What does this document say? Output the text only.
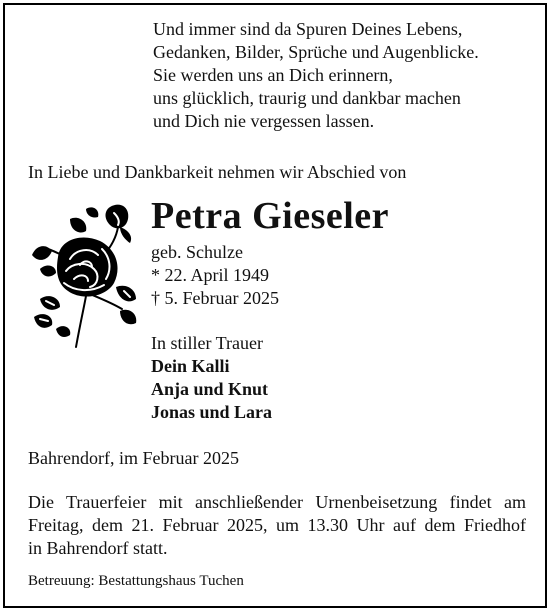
Und immer sind da Spuren Deines Lebens,
Gedanken, Bilder, Sprüche und Augenblicke.
Sie werden uns an Dich erinnern,
uns glücklich, traurig und dankbar machen
und Dich nie vergessen lassen.
In Liebe und Dankbarkeit nehmen wir Abschied von
Petra Gieseler
geb. Schulze
* 22. April 1949
† 5. Februar 2025
In stiller Trauer
Dein Kalli
Anja und Knut
Jonas und Lara
Bahrendorf, im Februar 2025
Die Trauerfeier mit anschließender Urnenbeisetzung findet am
Freitag, dem 21. Februar 2025, um 13.30 Uhr auf dem Friedhof
in Bahrendorf statt.
Betreuung: Bestattungshaus Tuchen
